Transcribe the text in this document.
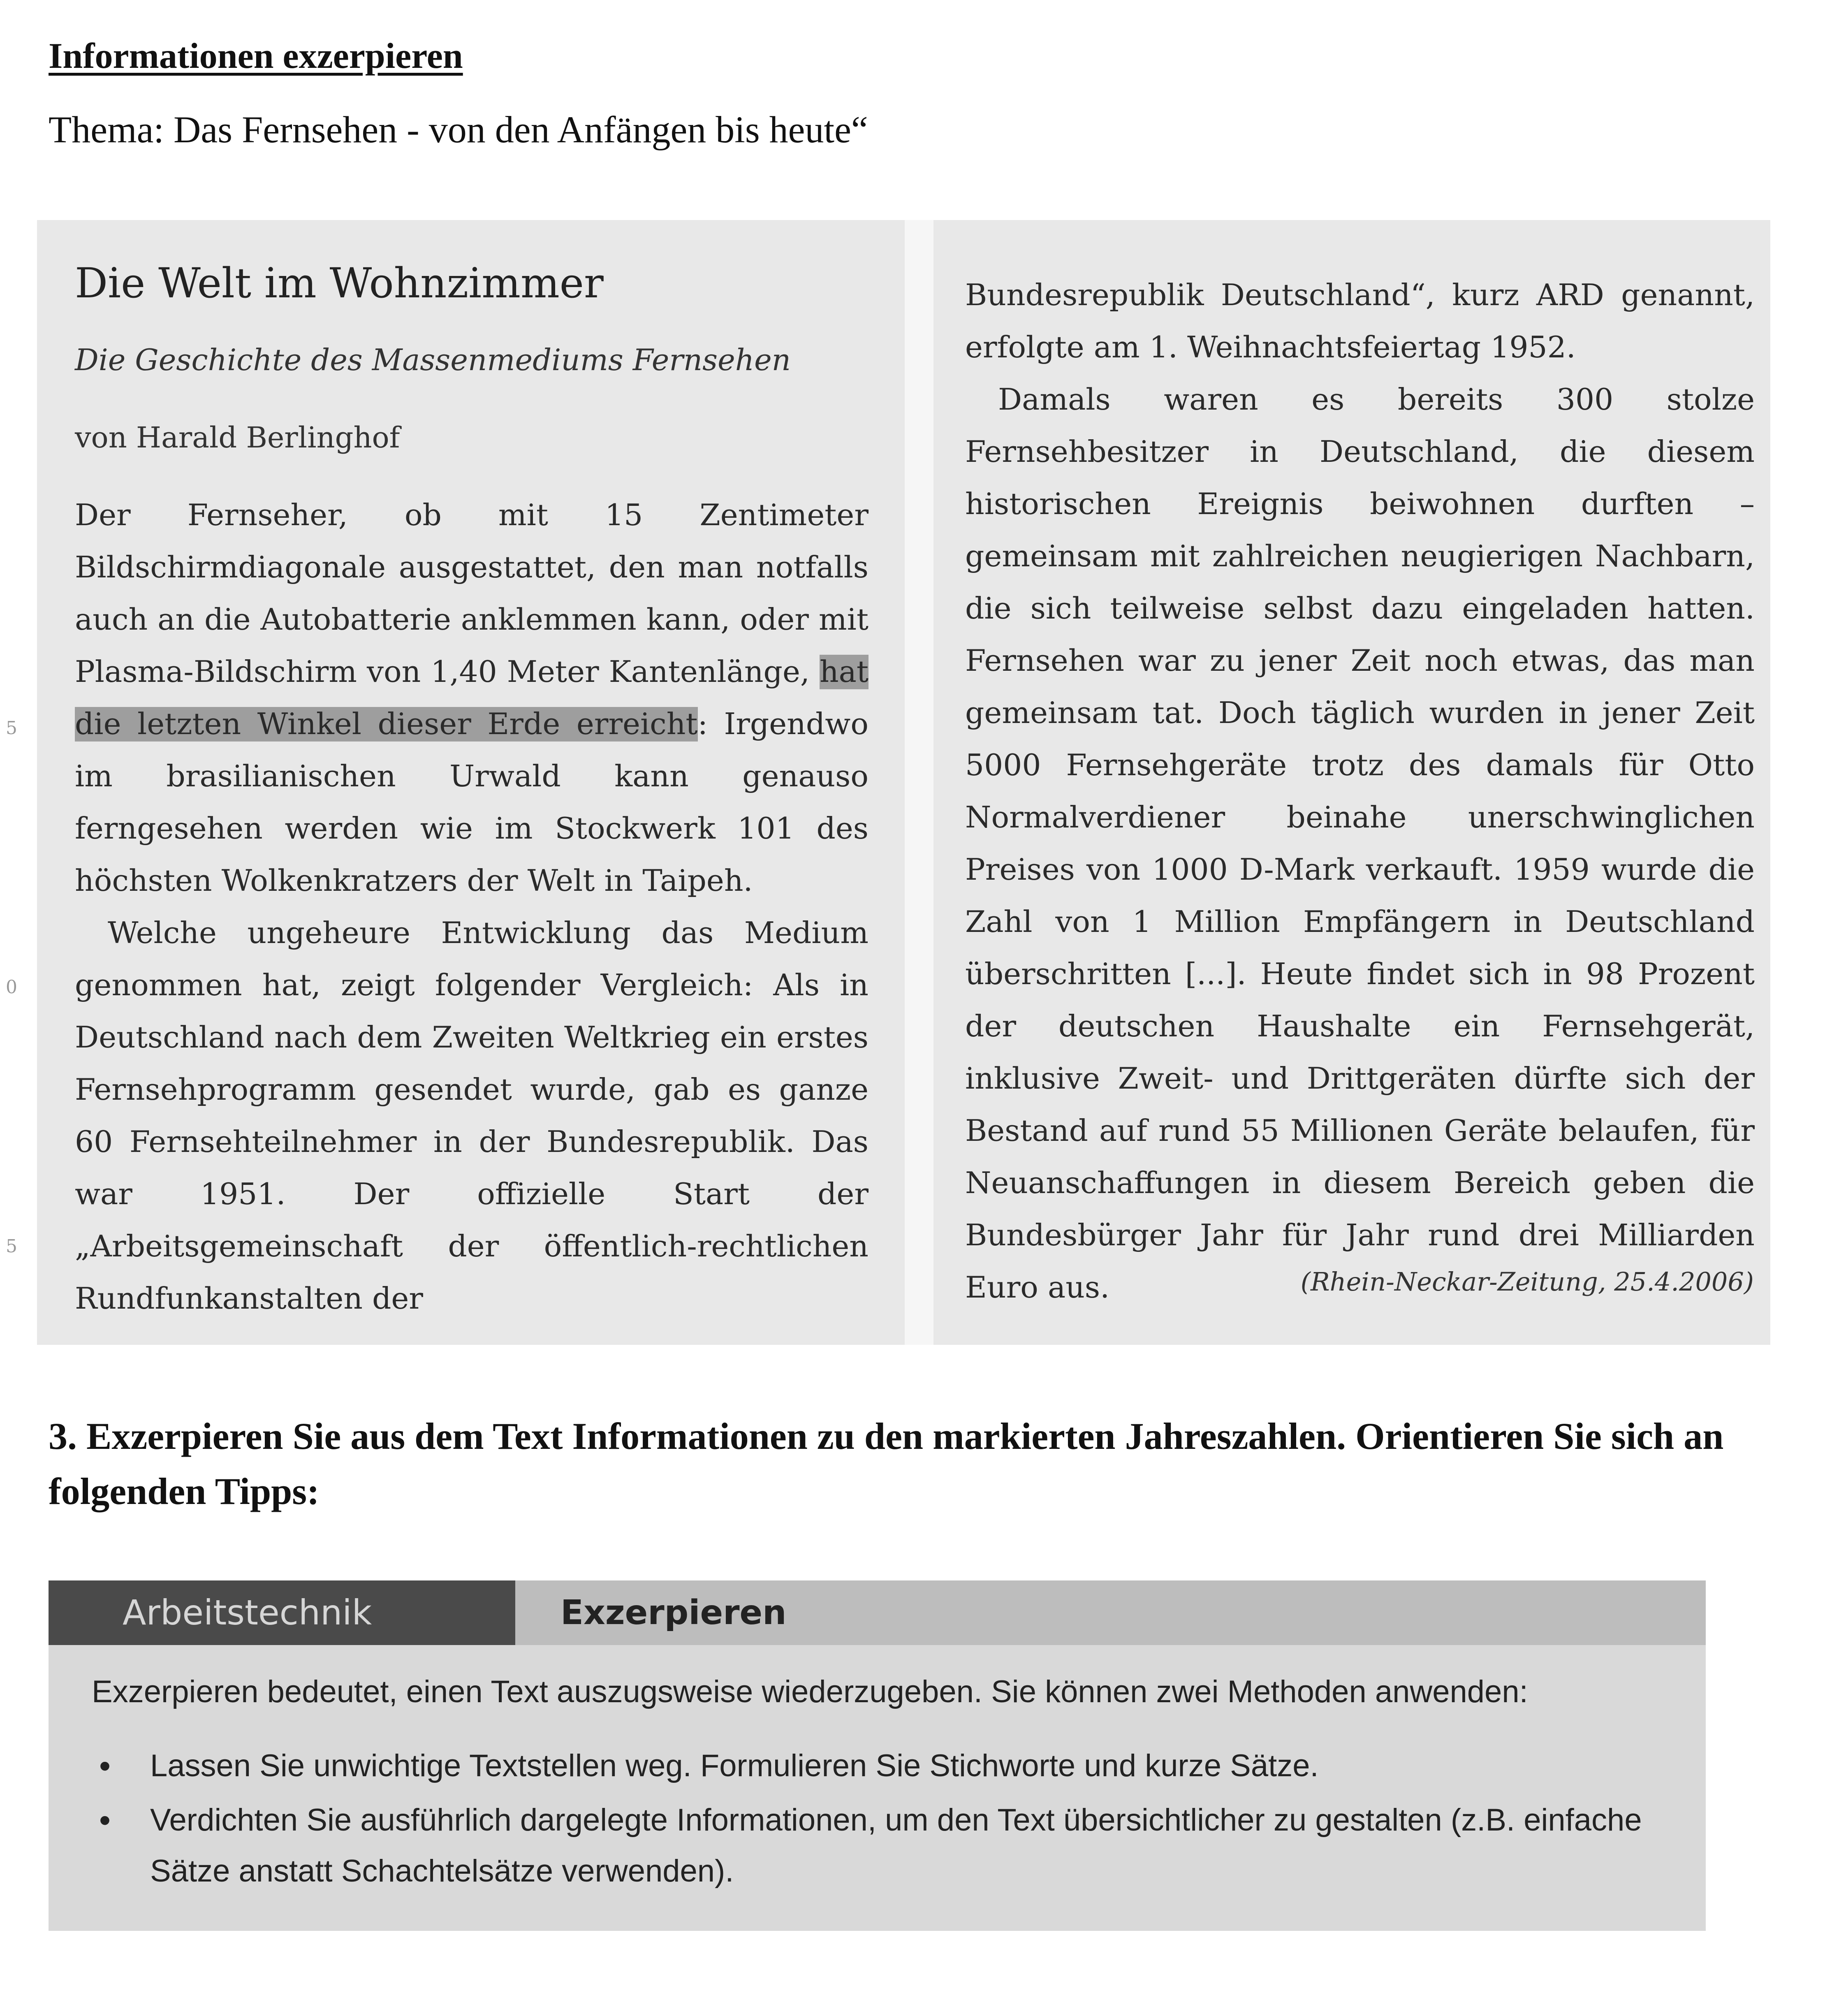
Informationen exzerpieren

Thema: Das Fernsehen - von den Anfängen bis heute“

5
0
5
Die Welt im Wohnzimmer

Die Geschichte des Massenmediums Fernsehen

von Harald Berlinghof

Der Fernseher, ob mit 15 Zentimeter Bildschirmdiagonale ausgestattet, den man notfalls auch an die Autobatterie anklemmen kann, oder mit Plasma-Bildschirm von 1,40 Meter Kantenlänge, hat die letzten Winkel dieser Erde erreicht: Irgendwo im brasilianischen Urwald kann genauso ferngesehen werden wie im Stockwerk 101 des höchsten Wolkenkratzers der Welt in Taipeh.

Welche ungeheure Entwicklung das Medium genommen hat, zeigt folgender Vergleich: Als in Deutschland nach dem Zweiten Weltkrieg ein erstes Fernsehprogramm gesendet wurde, gab es ganze 60 Fernsehteilnehmer in der Bundesrepublik. Das war 1951. Der offizielle Start der „Arbeitsgemeinschaft der öffentlich-rechtlichen Rundfunkanstalten der

Bundesrepublik Deutschland“, kurz ARD genannt, erfolgte am 1. Weihnachtsfeiertag 1952.

Damals waren es bereits 300 stolze Fernsehbesitzer in Deutschland, die diesem historischen Ereignis beiwohnen durften – gemeinsam mit zahlreichen neugierigen Nachbarn, die sich teilweise selbst dazu eingeladen hatten. Fernsehen war zu jener Zeit noch etwas, das man gemeinsam tat. Doch täglich wurden in jener Zeit 5000 Fernsehgeräte trotz des damals für Otto Normalverdiener beinahe unerschwinglichen Preises von 1000 D-Mark verkauft. 1959 wurde die Zahl von 1 Million Empfängern in Deutschland überschritten [...]. Heute findet sich in 98 Prozent der deutschen Haushalte ein Fernsehgerät, inklusive Zweit- und Drittgeräten dürfte sich der Bestand auf rund 55 Millionen Geräte belaufen, für Neuanschaffungen in diesem Bereich geben die Bundesbürger Jahr für Jahr rund drei Milliarden Euro aus.	(Rhein-Neckar-Zeitung, 25.4.2006)

3. Exzerpieren Sie aus dem Text Informationen zu den markierten Jahreszahlen. Orientieren Sie sich an folgenden Tipps:

Arbeitstechnik	Exzerpieren

Exzerpieren bedeutet, einen Text auszugsweise wiederzugeben. Sie können zwei Methoden anwenden:

• Lassen Sie unwichtige Textstellen weg. Formulieren Sie Stichworte und kurze Sätze.
• Verdichten Sie ausführlich dargelegte Informationen, um den Text übersichtlicher zu gestalten (z.B. einfache Sätze anstatt Schachtelsätze verwenden).
